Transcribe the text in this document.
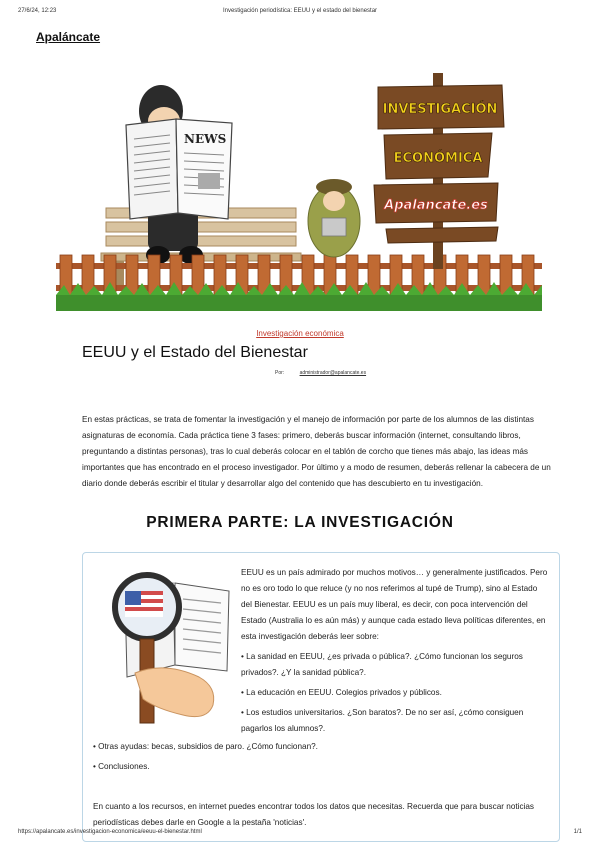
27/6/24, 12:23	Investigación periodística: EEUU y el estado del bienestar
Apaláncate
NEWS
INVESTIGACIÓN
ECONÓMICA
Apalancate.es
Investigación económica
EEUU y el Estado del Bienestar
Por:	administrador@apalancate.es

En estas prácticas, se trata de fomentar la investigación y el manejo de información por parte de los alumnos de las distintas asignaturas de economía. Cada práctica tiene 3 fases: primero, deberás buscar información (internet, consultando libros, preguntando a distintas personas), tras lo cual deberás colocar en el tablón de corcho que tienes más abajo, las ideas más importantes que has encontrado en el proceso investigador. Por último y a modo de resumen, deberás rellenar la cabecera de un diario donde deberás escribir el titular y desarrollar algo del contenido que has descubierto en tu investigación.

PRIMERA PARTE: LA INVESTIGACIÓN

EEUU es un país admirado por muchos motivos… y generalmente justificados. Pero no es oro todo lo que reluce (y no nos referimos al tupé de Trump), sino al Estado del Bienestar. EEUU es un país muy liberal, es decir, con poca intervención del Estado (Australia lo es aún más) y aunque cada estado lleva políticas diferentes, en esta investigación deberás leer sobre:

• La sanidad en EEUU, ¿es privada o pública?. ¿Cómo funcionan los seguros privados?. ¿Y la sanidad pública?.

• La educación en EEUU. Colegios privados y públicos.

• Los estudios universitarios. ¿Son baratos?. De no ser así, ¿cómo consiguen pagarlos los alumnos?.

• Otras ayudas: becas, subsidios de paro. ¿Cómo funcionan?.

• Conclusiones.

En cuanto a los recursos, en internet puedes encontrar todos los datos que necesitas. Recuerda que para buscar noticias periodísticas debes darle en Google a la pestaña 'noticias'.

https://apalancate.es/investigacion-economica/eeuu-el-bienestar.html	1/1
